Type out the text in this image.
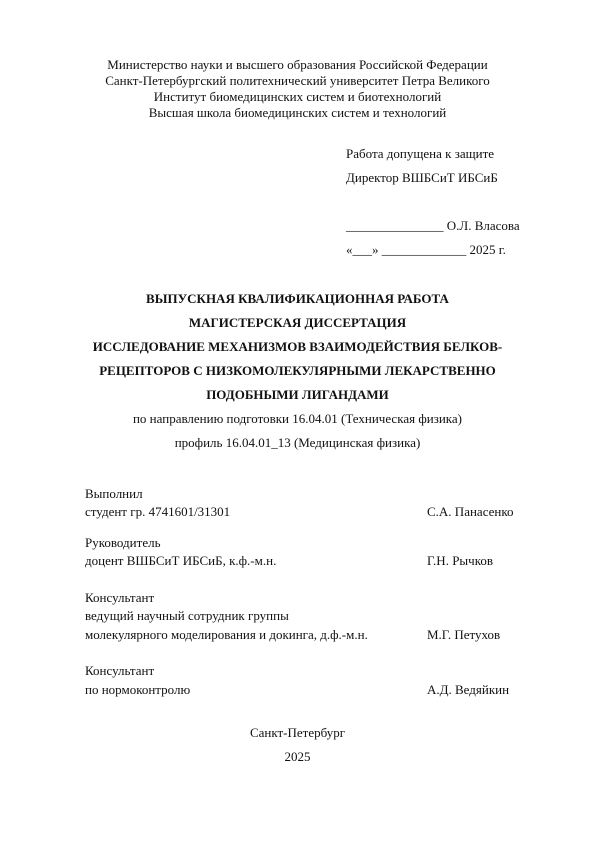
Министерство науки и высшего образования Российской Федерации
Санкт-Петербургский политехнический университет Петра Великого
Институт биомедицинских систем и биотехнологий
Высшая школа биомедицинских систем и технологий
Работа допущена к защите
Директор ВШБСиТ ИБСиБ
_______________ О.Л. Власова
«___» _____________ 2025 г.
ВЫПУСКНАЯ КВАЛИФИКАЦИОННАЯ РАБОТА
МАГИСТЕРСКАЯ ДИССЕРТАЦИЯ
ИССЛЕДОВАНИЕ МЕХАНИЗМОВ ВЗАИМОДЕЙСТВИЯ БЕЛКОВ-
РЕЦЕПТОРОВ С НИЗКОМОЛЕКУЛЯРНЫМИ ЛЕКАРСТВЕННО
ПОДОБНЫМИ ЛИГАНДАМИ
по направлению подготовки 16.04.01 (Техническая физика)
профиль 16.04.01_13 (Медицинская физика)
Выполнил
студент гр. 4741601/31301	С.А. Панасенко
Руководитель
доцент ВШБСиТ ИБСиБ, к.ф.-м.н.	Г.Н. Рычков
Консультант
ведущий научный сотрудник группы
молекулярного моделирования и докинга, д.ф.-м.н.	М.Г. Петухов
Консультант
по нормоконтролю	А.Д. Ведяйкин
Санкт-Петербург
2025
